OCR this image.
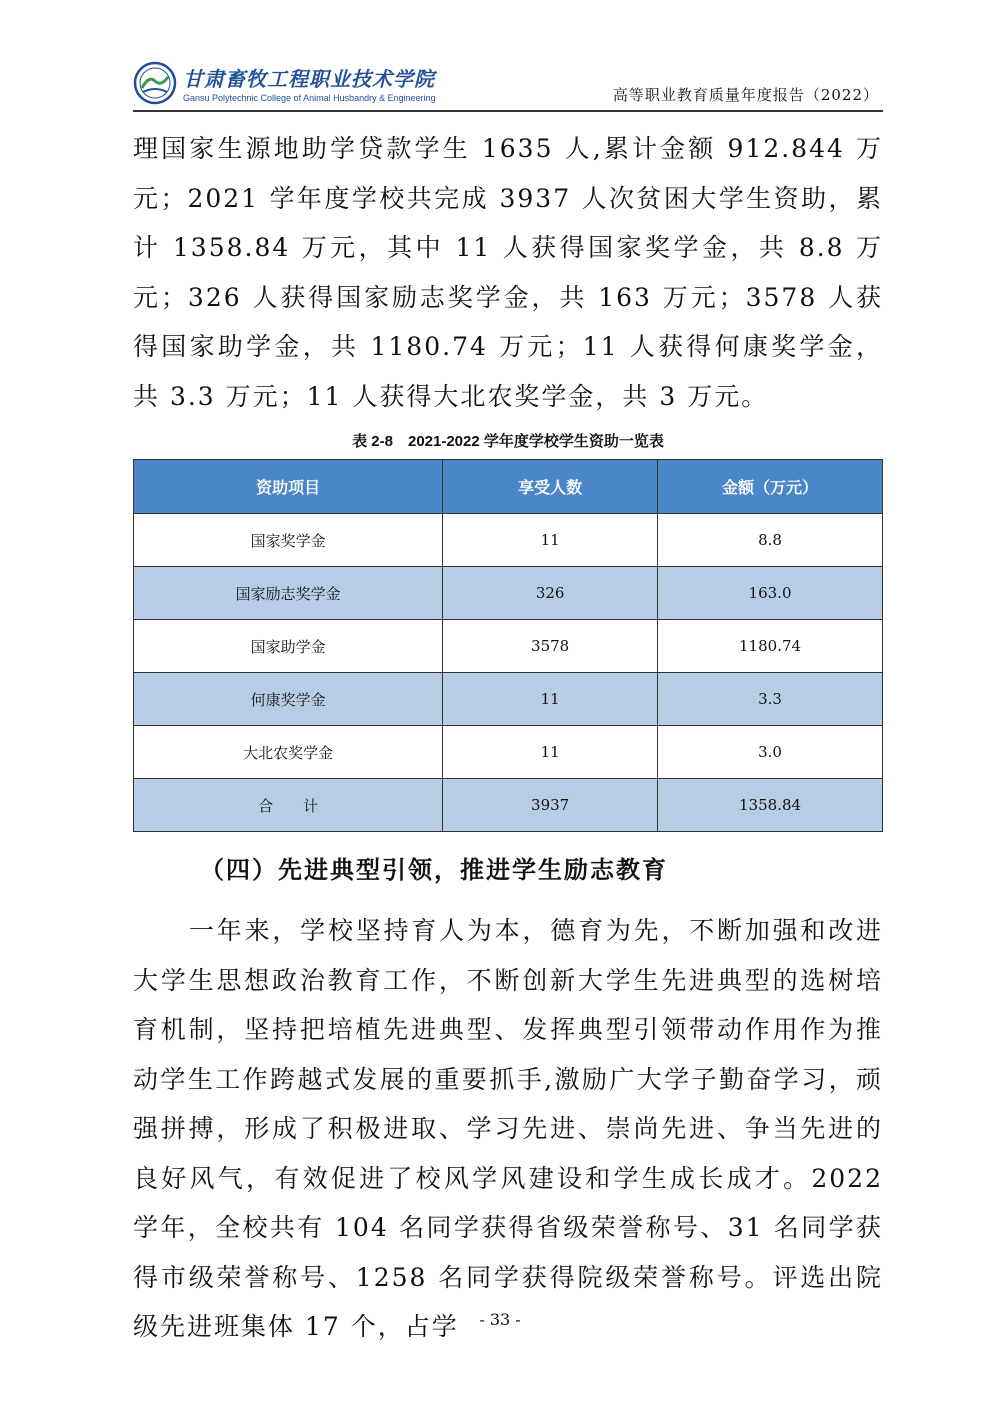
甘肃畜牧工程职业技术学院
Gansu Polytechnic College of Animal Husbandry & Engineering	高等职业教育质量年度报告（2022）
理国家生源地助学贷款学生 1635 人,累计金额 912.844 万元；2021 学年度学校共完成 3937 人次贫困大学生资助，累计 1358.84 万元，其中 11 人获得国家奖学金，共 8.8 万元；326 人获得国家励志奖学金，共 163 万元；3578 人获得国家助学金，共 1180.74 万元；11 人获得何康奖学金，共 3.3 万元；11 人获得大北农奖学金，共 3 万元。
表 2-8　2021-2022 学年度学校学生资助一览表
资助项目	享受人数	金额（万元）
国家奖学金	11	8.8
国家励志奖学金	326	163.0
国家助学金	3578	1180.74
何康奖学金	11	3.3
大北农奖学金	11	3.0
合　　计	3937	1358.84
（四）先进典型引领，推进学生励志教育
一年来，学校坚持育人为本，德育为先，不断加强和改进大学生思想政治教育工作，不断创新大学生先进典型的选树培育机制，坚持把培植先进典型、发挥典型引领带动作用作为推动学生工作跨越式发展的重要抓手,激励广大学子勤奋学习，顽强拼搏，形成了积极进取、学习先进、崇尚先进、争当先进的良好风气，有效促进了校风学风建设和学生成长成才。2022 学年，全校共有 104 名同学获得省级荣誉称号、31 名同学获得市级荣誉称号、1258 名同学获得院级荣誉称号。评选出院级先进班集体 17 个，占学	- 33 -
